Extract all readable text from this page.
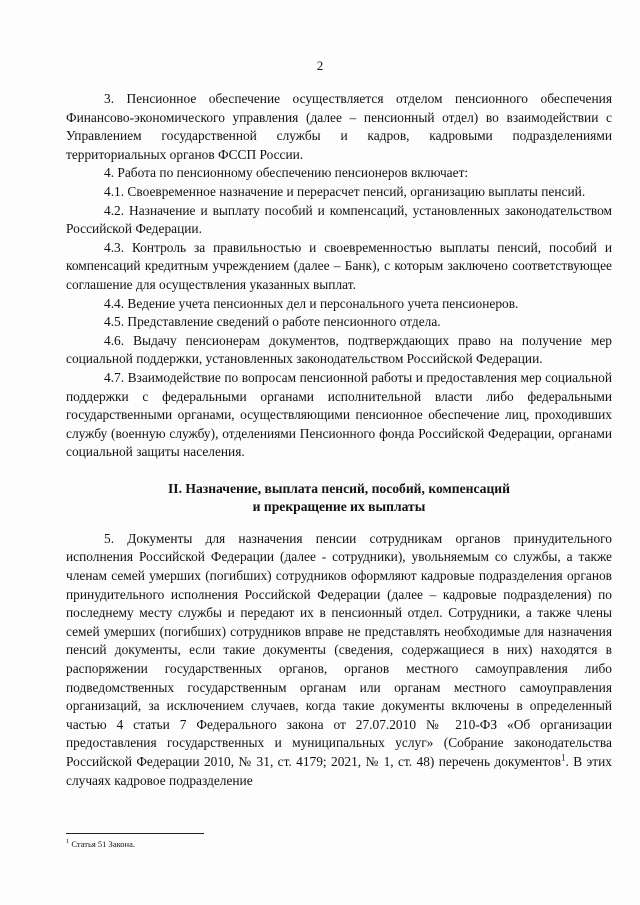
2

3. Пенсионное обеспечение осуществляется отделом пенсионного обеспечения Финансово-экономического управления (далее – пенсионный отдел) во взаимодействии с Управлением государственной службы и кадров, кадровыми подразделениями территориальных органов ФССП России.

4. Работа по пенсионному обеспечению пенсионеров включает:

4.1. Своевременное назначение и перерасчет пенсий, организацию выплаты пенсий.

4.2. Назначение и выплату пособий и компенсаций, установленных законодательством Российской Федерации.

4.3. Контроль за правильностью и своевременностью выплаты пенсий, пособий и компенсаций кредитным учреждением (далее – Банк), с которым заключено соответствующее соглашение для осуществления указанных выплат.

4.4. Ведение учета пенсионных дел и персонального учета пенсионеров.

4.5. Представление сведений о работе пенсионного отдела.

4.6. Выдачу пенсионерам документов, подтверждающих право на получение мер социальной поддержки, установленных законодательством Российской Федерации.

4.7. Взаимодействие по вопросам пенсионной работы и предоставления мер социальной поддержки с федеральными органами исполнительной власти либо федеральными государственными органами, осуществляющими пенсионное обеспечение лиц, проходивших службу (военную службу), отделениями Пенсионного фонда Российской Федерации, органами социальной защиты населения.

II. Назначение, выплата пенсий, пособий, компенсаций
и прекращение их выплаты

5. Документы для назначения пенсии сотрудникам органов принудительного исполнения Российской Федерации (далее - сотрудники), увольняемым со службы, а также членам семей умерших (погибших) сотрудников оформляют кадровые подразделения органов принудительного исполнения Российской Федерации (далее – кадровые подразделения) по последнему месту службы и передают их в пенсионный отдел. Сотрудники, а также члены семей умерших (погибших) сотрудников вправе не представлять необходимые для назначения пенсий документы, если такие документы (сведения, содержащиеся в них) находятся в распоряжении государственных органов, органов местного самоуправления либо подведомственных государственным органам или органам местного самоуправления организаций, за исключением случаев, когда такие документы включены в определенный частью 4 статьи 7 Федерального закона от 27.07.2010 № 210-ФЗ «Об организации предоставления государственных и муниципальных услуг» (Собрание законодательства Российской Федерации 2010, № 31, ст. 4179; 2021, № 1, ст. 48) перечень документов$^1$. В этих случаях кадровое подразделение

$^1$ Статья 51 Закона.
